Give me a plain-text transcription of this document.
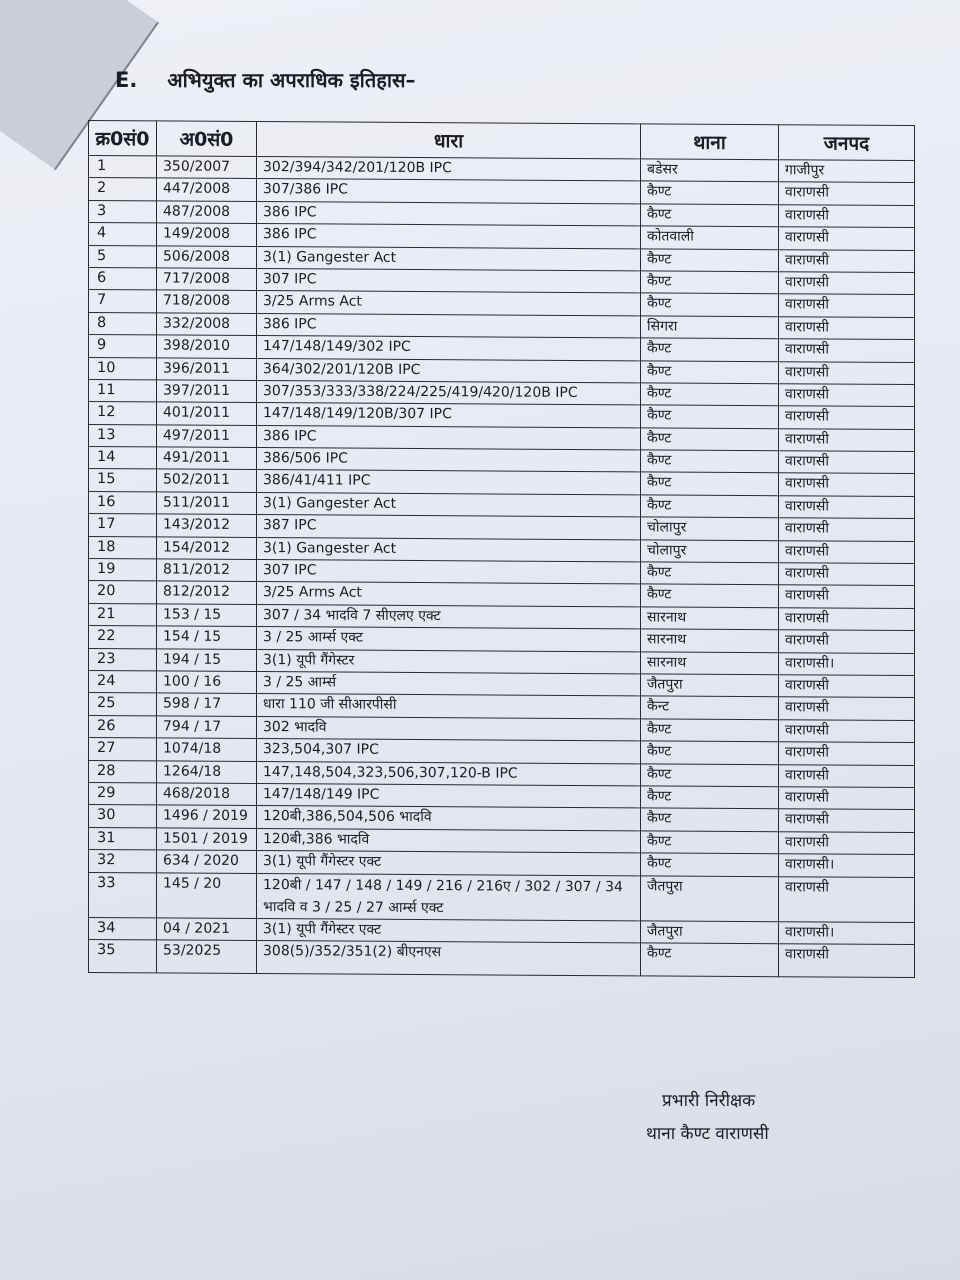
E. अभियुक्त का अपराधिक इतिहास–
क्र0सं0	अ0सं0	धारा	थाना	जनपद
1	350/2007	302/394/342/201/120B IPC	बडेसर	गाजीपुर
2	447/2008	307/386 IPC	कैण्ट	वाराणसी
3	487/2008	386 IPC	कैण्ट	वाराणसी
4	149/2008	386 IPC	कोतवाली	वाराणसी
5	506/2008	3(1) Gangester Act	कैण्ट	वाराणसी
6	717/2008	307 IPC	कैण्ट	वाराणसी
7	718/2008	3/25 Arms Act	कैण्ट	वाराणसी
8	332/2008	386 IPC	सिगरा	वाराणसी
9	398/2010	147/148/149/302 IPC	कैण्ट	वाराणसी
10	396/2011	364/302/201/120B IPC	कैण्ट	वाराणसी
11	397/2011	307/353/333/338/224/225/419/420/120B IPC	कैण्ट	वाराणसी
12	401/2011	147/148/149/120B/307 IPC	कैण्ट	वाराणसी
13	497/2011	386 IPC	कैण्ट	वाराणसी
14	491/2011	386/506 IPC	कैण्ट	वाराणसी
15	502/2011	386/41/411 IPC	कैण्ट	वाराणसी
16	511/2011	3(1) Gangester Act	कैण्ट	वाराणसी
17	143/2012	387 IPC	चोलापुर	वाराणसी
18	154/2012	3(1) Gangester Act	चोलापुर	वाराणसी
19	811/2012	307 IPC	कैण्ट	वाराणसी
20	812/2012	3/25 Arms Act	कैण्ट	वाराणसी
21	153 / 15	307 / 34 भादवि 7 सीएलए एक्ट	सारनाथ	वाराणसी
22	154 / 15	3 / 25 आर्म्स एक्ट	सारनाथ	वाराणसी
23	194 / 15	3(1) यूपी गैंगेस्टर	सारनाथ	वाराणसी।
24	100 / 16	3 / 25 आर्म्स	जैतपुरा	वाराणसी
25	598 / 17	धारा 110 जी सीआरपीसी	कैन्ट	वाराणसी
26	794 / 17	302 भादवि	कैण्ट	वाराणसी
27	1074/18	323,504,307 IPC	कैण्ट	वाराणसी
28	1264/18	147,148,504,323,506,307,120-B IPC	कैण्ट	वाराणसी
29	468/2018	147/148/149 IPC	कैण्ट	वाराणसी
30	1496 / 2019	120बी,386,504,506 भादवि	कैण्ट	वाराणसी
31	1501 / 2019	120बी,386 भादवि	कैण्ट	वाराणसी
32	634 / 2020	3(1) यूपी गैंगेस्टर एक्ट	कैण्ट	वाराणसी।
33	145 / 20	120बी / 147 / 148 / 149 / 216 / 216ए / 302 / 307 / 34 भादवि व 3 / 25 / 27 आर्म्स एक्ट	जैतपुरा	वाराणसी
34	04 / 2021	3(1) यूपी गैंगेस्टर एक्ट	जैतपुरा	वाराणसी।
35	53/2025	308(5)/352/351(2) बीएनएस	कैण्ट	वाराणसी
प्रभारी निरीक्षक
थाना कैण्ट वाराणसी
